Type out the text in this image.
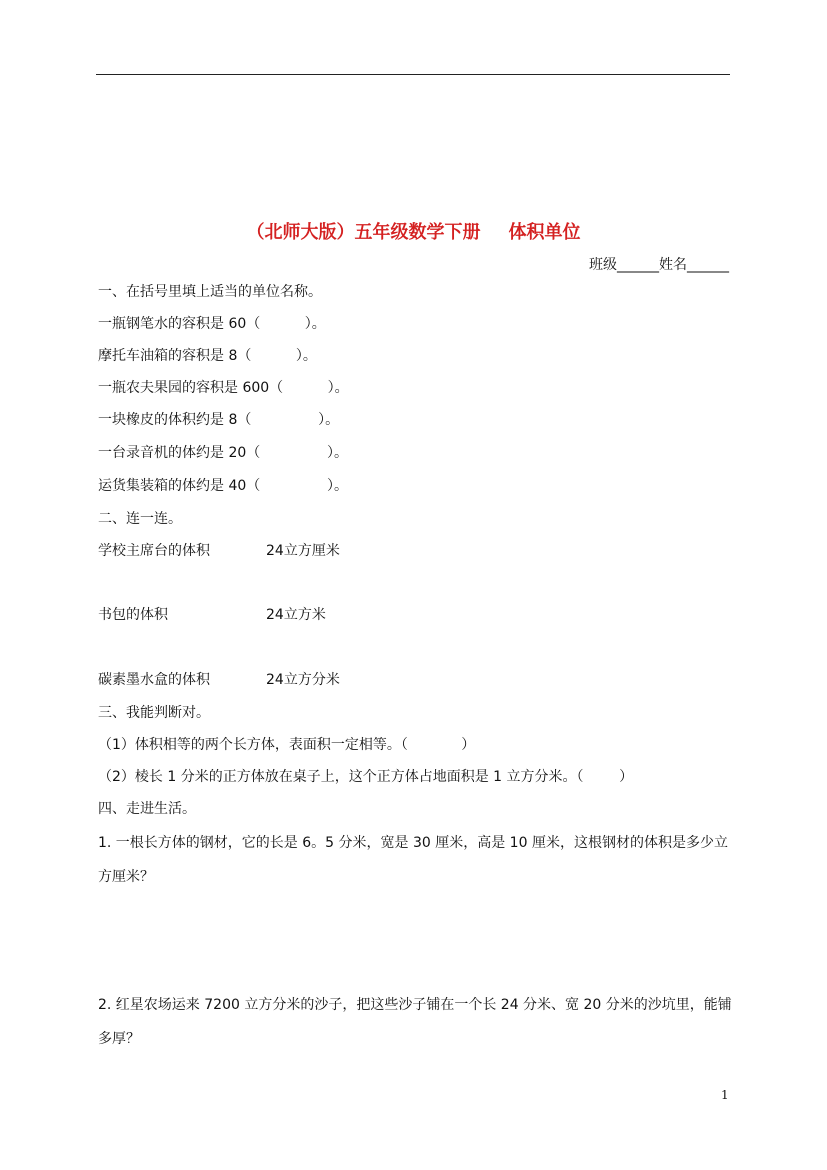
（北师大版）五年级数学下册 体积单位
班级______姓名______
一、在括号里填上适当的单位名称。
一瓶钢笔水的容积是 60（          ）。
摩托车油箱的容积是 8（          ）。
一瓶农夫果园的容积是 600（          ）。
一块橡皮的体积约是 8（               ）。
一台录音机的体约是 20（               ）。
运货集装箱的体约是 40（               ）。
二、连一连。
学校主席台的体积	24立方厘米
书包的体积	24立方米
碳素墨水盒的体积	24立方分米
三、我能判断对。
（1）体积相等的两个长方体，表面积一定相等。（            ）
（2）棱长 1 分米的正方体放在桌子上，这个正方体占地面积是 1 立方分米。（        ）
四、走进生活。
1. 一根长方体的钢材，它的长是 6。5 分米，宽是 30 厘米，高是 10 厘米，这根钢材的体积是多少立方厘米？
2. 红星农场运来 7200 立方分米的沙子，把这些沙子铺在一个长 24 分米、宽 20 分米的沙坑里，能铺多厚？
1
